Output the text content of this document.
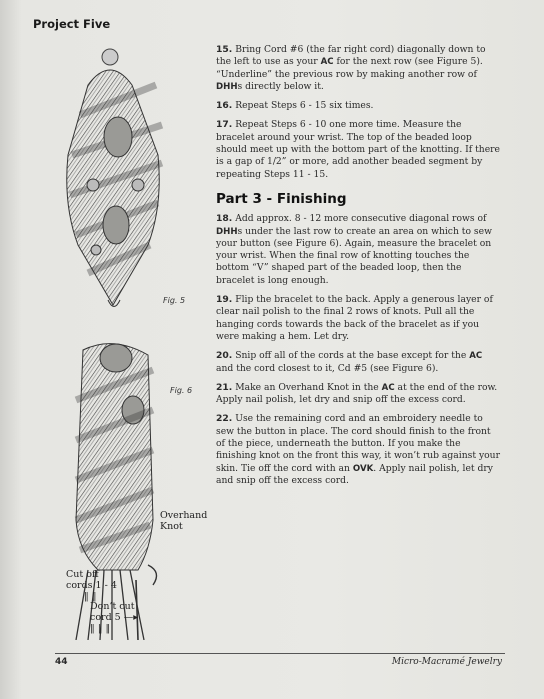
Project Five
Fig. 5
Fig. 6
Overhand
Knot
Cut off
cords 1 - 4
‖ ‖
Don’t cut
cord 5 —▸
‖ ‖ ‖

15. Bring Cord #6 (the far right cord) diagonally down to the left to use as your AC for the next row (see Figure 5). “Underline” the previous row by making another row of DHHs directly below it.

16. Repeat Steps 6 - 15 six times.

17. Repeat Steps 6 - 10 one more time. Measure the bracelet around your wrist. The top of the beaded loop should meet up with the bottom part of the knotting. If there is a gap of 1/2” or more, add another beaded segment by repeating Steps 11 - 15.

Part 3 - Finishing

18. Add approx. 8 - 12 more consecutive diagonal rows of DHHs under the last row to create an area on which to sew your button (see Figure 6). Again, measure the bracelet on your wrist. When the final row of knotting touches the bottom “V” shaped part of the beaded loop, then the bracelet is long enough.

19. Flip the bracelet to the back. Apply a generous layer of clear nail polish to the final 2 rows of knots. Pull all the hanging cords towards the back of the bracelet as if you were making a hem. Let dry.

20. Snip off all of the cords at the base except for the AC and the cord closest to it, Cd #5 (see Figure 6).

21. Make an Overhand Knot in the AC at the end of the row. Apply nail polish, let dry and snip off the excess cord.

22. Use the remaining cord and an embroidery needle to sew the button in place. The cord should finish to the front of the piece, underneath the button. If you make the finishing knot on the front this way, it won’t rub against your skin. Tie off the cord with an OVK. Apply nail polish, let dry and snip off the excess cord.

44	Micro-Macramé Jewelry
